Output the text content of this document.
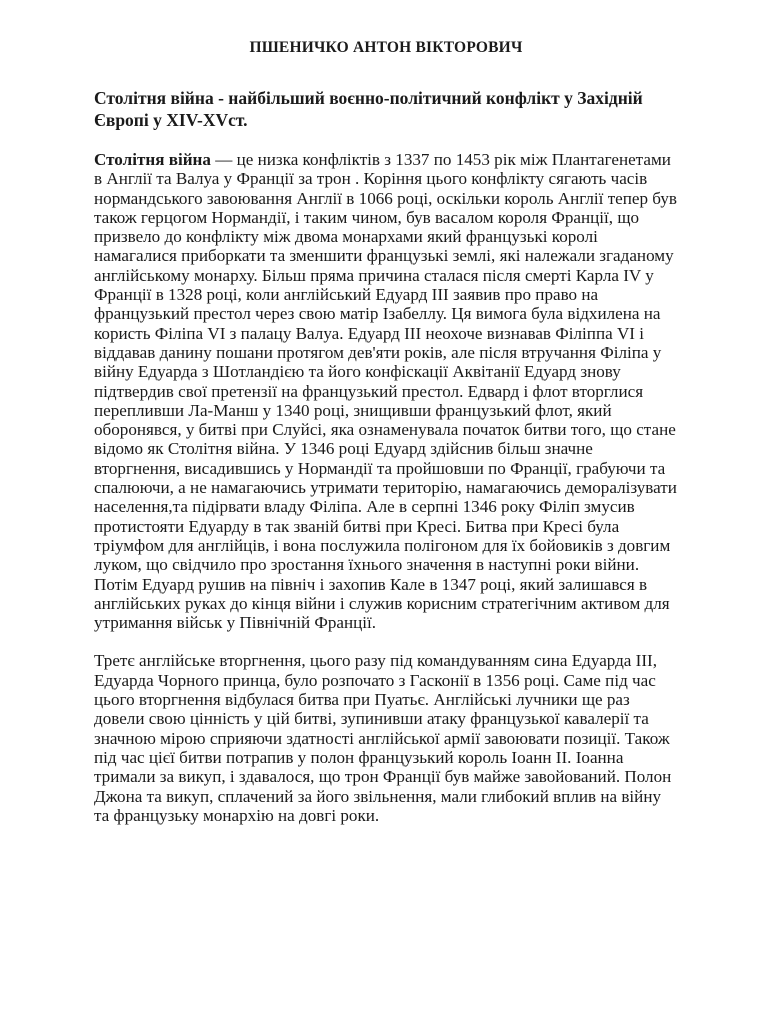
ПШЕНИЧКО АНТОН ВІКТОРОВИЧ

Столітня війна - найбільший воєнно-політичний конфлікт у Західній Європі у XIV-XVст.

Столітня війна — це низка конфліктів з 1337 по 1453 рік між Плантагенетами в Англії та Валуа у Франції за трон . Коріння цього конфлікту сягають часів нормандського завоювання Англії в 1066 році, оскільки король Англії тепер був також герцогом Нормандії, і таким чином, був васалом короля Франції, що призвело до конфлікту між двома монархами який французькі королі намагалися приборкати та зменшити французькі землі, які належали згаданому англійському монарху. Більш пряма причина сталася після смерті Карла IV у Франції в 1328 році, коли англійський Едуард III заявив про право на французький престол через свою матір Ізабеллу. Ця вимога була відхилена на користь Філіпа VI з палацу Валуа. Едуард III неохоче визнавав Філіппа VI і віддавав данину пошани протягом дев'яти років, але після втручання Філіпа у війну Едуарда з Шотландією та його конфіскації Аквітанії Едуард знову підтвердив свої претензії на французький престол. Едвард і флот вторглися перепливши Ла-Манш у 1340 році, знищивши французький флот, який оборонявся, у битві при Слуйсі, яка ознаменувала початок битви того, що стане відомо як Столітня війна. У 1346 році Едуард здійснив більш значне вторгнення, висадившись у Нормандії та пройшовши по Франції, грабуючи та спалюючи, а не намагаючись утримати територію, намагаючись деморалізувати населення,та підірвати владу Філіпа. Але в серпні 1346 року Філіп змусив протистояти Едуарду в так званій битві при Кресі. Битва при Кресі була тріумфом для англійців, і вона послужила полігоном для їх бойовиків з довгим луком, що свідчило про зростання їхнього значення в наступні роки війни. Потім Едуард рушив на північ і захопив Кале в 1347 році, який залишався в англійських руках до кінця війни і служив корисним стратегічним активом для утримання військ у Північній Франції.

Третє англійське вторгнення, цього разу під командуванням сина Едуарда III, Едуарда Чорного принца, було розпочато з Гасконії в 1356 році. Саме під час цього вторгнення відбулася битва при Пуатьє. Англійські лучники ще раз довели свою цінність у цій битві, зупинивши атаку французької кавалерії та значною мірою сприяючи здатності англійської армії завоювати позиції. Також під час цієї битви потрапив у полон французький король Іоанн II. Іоанна тримали за викуп, і здавалося, що трон Франції був майже завойований. Полон Джона та викуп, сплачений за його звільнення, мали глибокий вплив на війну та французьку монархію на довгі роки.
